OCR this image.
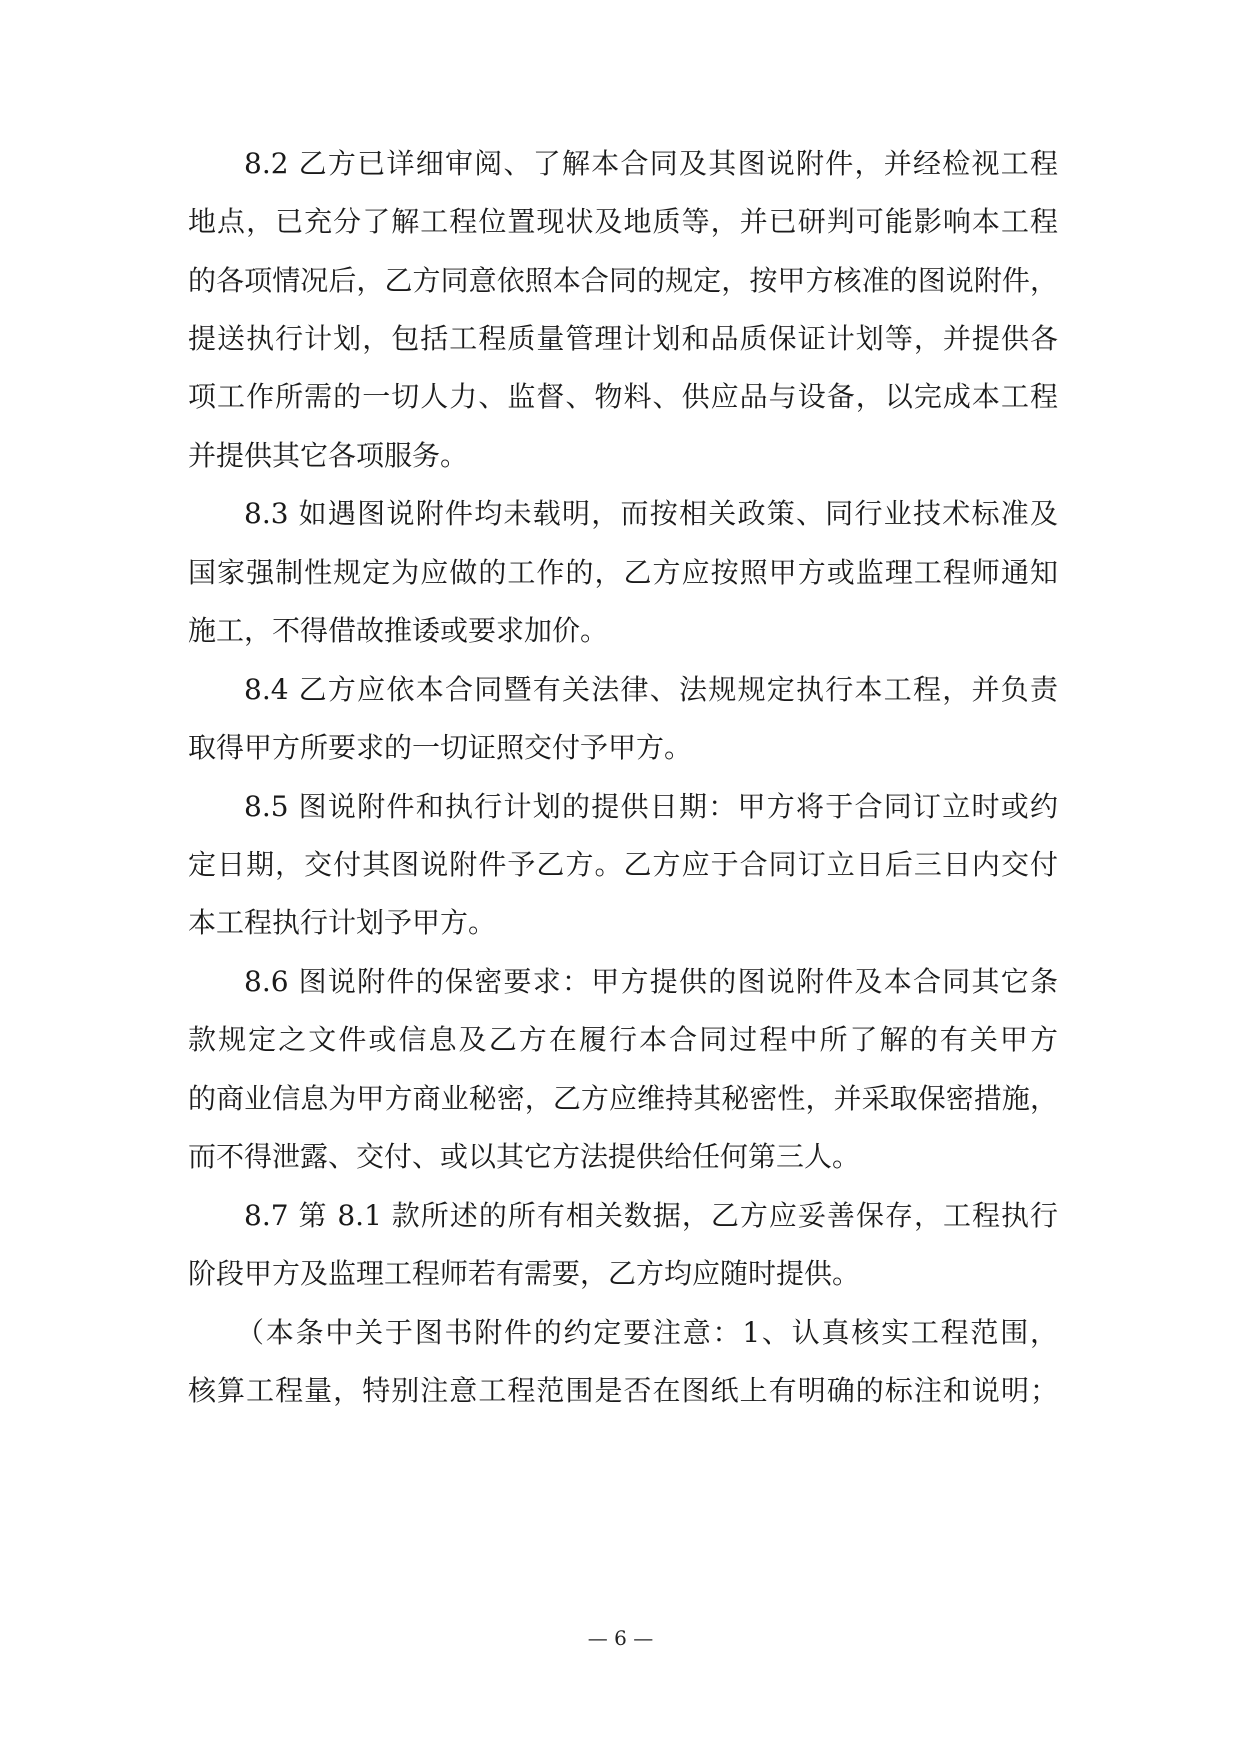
8.2 乙方已详细审阅、了解本合同及其图说附件，并经检视工程
地点，已充分了解工程位置现状及地质等，并已研判可能影响本工程
的各项情况后，乙方同意依照本合同的规定，按甲方核准的图说附件，
提送执行计划，包括工程质量管理计划和品质保证计划等，并提供各
项工作所需的一切人力、监督、物料、供应品与设备，以完成本工程
并提供其它各项服务。
8.3 如遇图说附件均未载明，而按相关政策、同行业技术标准及
国家强制性规定为应做的工作的，乙方应按照甲方或监理工程师通知
施工，不得借故推诿或要求加价。
8.4 乙方应依本合同暨有关法律、法规规定执行本工程，并负责
取得甲方所要求的一切证照交付予甲方。
8.5 图说附件和执行计划的提供日期：甲方将于合同订立时或约
定日期，交付其图说附件予乙方。乙方应于合同订立日后三日内交付
本工程执行计划予甲方。
8.6 图说附件的保密要求：甲方提供的图说附件及本合同其它条
款规定之文件或信息及乙方在履行本合同过程中所了解的有关甲方
的商业信息为甲方商业秘密，乙方应维持其秘密性，并采取保密措施，
而不得泄露、交付、或以其它方法提供给任何第三人。
8.7 第 8.1 款所述的所有相关数据，乙方应妥善保存，工程执行
阶段甲方及监理工程师若有需要，乙方均应随时提供。
（本条中关于图书附件的约定要注意：1、认真核实工程范围，
核算工程量，特别注意工程范围是否在图纸上有明确的标注和说明；
— 6 —
